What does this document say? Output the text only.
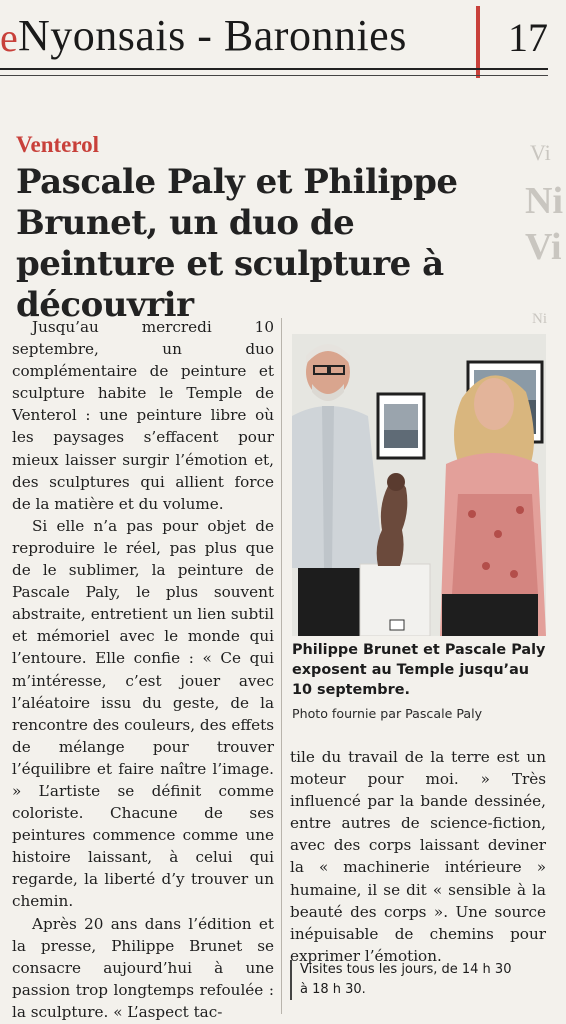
e Nyonsais - Baronnies	17
Vi
Ni
Vi
Ni

Venterol
Pascale Paly et Philippe Brunet, un duo de peinture et sculpture à découvrir

Jusqu’au mercredi 10 septembre, un duo complémentaire de peinture et sculpture habite le Temple de Venterol : une peinture libre où les paysages s’effacent pour mieux laisser surgir l’émotion et, des sculptures qui allient force de la matière et du volume.

Si elle n’a pas pour objet de reproduire le réel, pas plus que de le sublimer, la peinture de Pascale Paly, le plus souvent abstraite, entretient un lien subtil et mémoriel avec le monde qui l’entoure. Elle confie : « Ce qui m’intéresse, c’est jouer avec l’aléatoire issu du geste, de la rencontre des couleurs, des effets de mélange pour trouver l’équilibre et faire naître l’image. » L’artiste se définit comme coloriste. Chacune de ses peintures commence comme une histoire laissant, à celui qui regarde, la liberté d’y trouver un chemin.

Après 20 ans dans l’édition et la presse, Philippe Brunet se consacre aujourd’hui à une passion trop longtemps refoulée : la sculpture. « L’aspect tac-

Philippe Brunet et Pascale Paly exposent au Temple jusqu’au 10 septembre.
Photo fournie par Pascale Paly

tile du travail de la terre est un moteur pour moi. » Très influencé par la bande dessinée, entre autres de science-fiction, avec des corps laissant deviner la « machinerie intérieure » humaine, il se dit « sensible à la beauté des corps ». Une source inépuisable de chemins pour exprimer l’émotion.

Visites tous les jours, de 14 h 30
à 18 h 30.
